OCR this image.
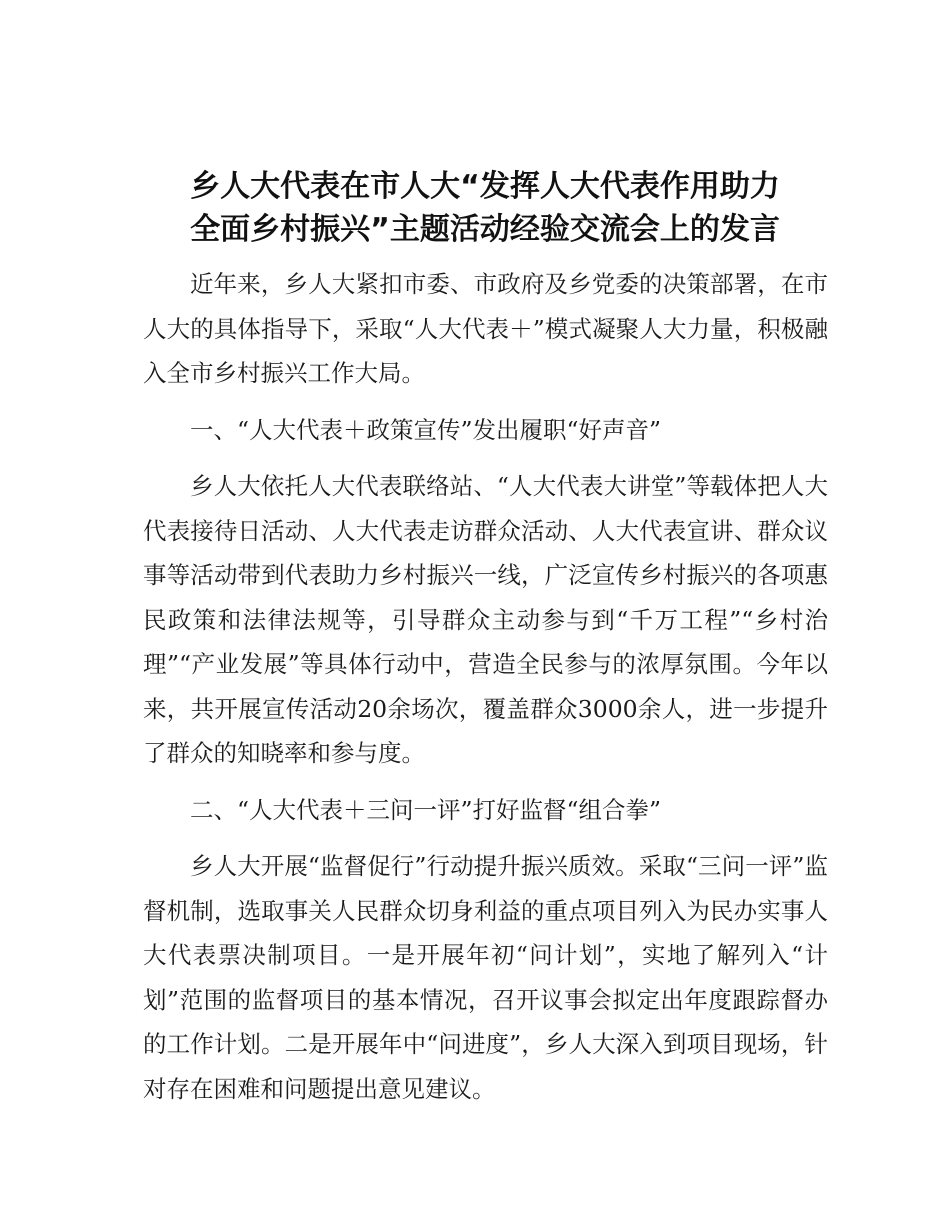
乡人大代表在市人大“发挥人大代表作用助力
全面乡村振兴”主题活动经验交流会上的发言

近年来，乡人大紧扣市委、市政府及乡党委的决策部署，在市人大的具体指导下，采取“人大代表＋”模式凝聚人大力量，积极融入全市乡村振兴工作大局。

一、“人大代表＋政策宣传”发出履职“好声音”

乡人大依托人大代表联络站、“人大代表大讲堂”等载体把人大代表接待日活动、人大代表走访群众活动、人大代表宣讲、群众议事等活动带到代表助力乡村振兴一线，广泛宣传乡村振兴的各项惠民政策和法律法规等，引导群众主动参与到“千万工程”“乡村治理”“产业发展”等具体行动中，营造全民参与的浓厚氛围。今年以来，共开展宣传活动20余场次，覆盖群众3000余人，进一步提升了群众的知晓率和参与度。

二、“人大代表＋三问一评”打好监督“组合拳”

乡人大开展“监督促行”行动提升振兴质效。采取“三问一评”监督机制，选取事关人民群众切身利益的重点项目列入为民办实事人大代表票决制项目。一是开展年初“问计划”，实地了解列入“计划”范围的监督项目的基本情况，召开议事会拟定出年度跟踪督办的工作计划。二是开展年中“问进度”，乡人大深入到项目现场，针对存在困难和问题提出意见建议。
